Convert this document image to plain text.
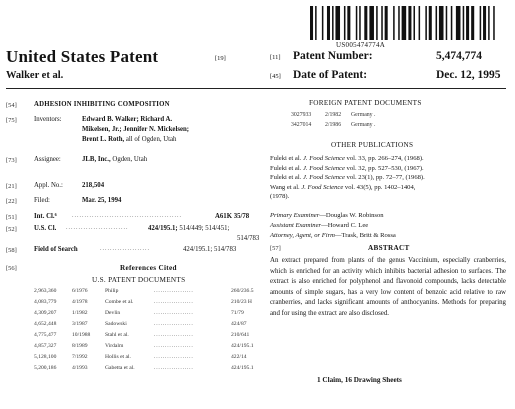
US005474774A
United States Patent	[19]
Walker et al.
[11] Patent Number:	5,474,774
[45] Date of Patent:	Dec. 12, 1995
[54]	ADHESION INHIBITING COMPOSITION
[75]	Inventors:	Edward B. Walker; Richard A.
Mikelsen, Jr.; Jennifer N. Mickelsen;
Brent L. Roth, all of Ogden, Utah
[73]	Assignee:	JLB, Inc., Ogden, Utah
[21]	Appl. No.:	218,504
[22]	Filed:	Mar. 25, 1994
[51]	Int. Cl.⁶	............................................	A61K 35/78
[52]	U.S. Cl. .........................	424/195.1; 514/449; 514/451;
514/783
[58]	Field of Search	....................	424/195.1; 514/783
[56]	References Cited
U.S. PATENT DOCUMENTS
2,963,360	6/1976	Philip	260/236.5
..................
4,083,779	4/1978	Combe et al.	210/23 H
..................
4,309,207	1/1982	Devlin	71/79
..................
4,652,448	3/1987	Sadowski	424/87
..................
4,775,477	10/1988	Stahl et al.	210/641
..................
4,857,327	8/1989	Virdalm	424/195.1
..................
5,128,100	7/1992	Hollis et al.	422/14
..................
5,200,186	4/1993	Gabetta et al.	424/195.1
..................
FOREIGN PATENT DOCUMENTS
3027933 2/1982 Germany .
3427014 2/1986 Germany .
OTHER PUBLICATIONS
Fuleki et al. J. Food Science vol. 33, pp. 266–274, (1968).
Fuleki et al. J. Food Science vol. 32, pp. 527–530, (1967).
Fuleki et al. J. Food Science vol. 23(1), pp. 72–77, (1968).
Wang et al. J. Food Science vol. 43(5), pp. 1402–1404,
(1978).
Primary Examiner—Douglas W. Robinson
Assistant Examiner—Howard C. Lee
Attorney, Agent, or Firm—Trask, Britt & Rossa
[57]	ABSTRACT
An extract prepared from plants of the genus Vaccinium, especially cranberries, which is enriched for an activity which inhibits bacterial adhesion to surfaces. The extract is also enriched for polyphenol and flavonoid compounds, lacks detectable amounts of simple sugars, has a very low content of benzoic acid relative to raw cranberries, and lacks significant amounts of anthocyanins. Methods for preparing and for using the extract are also disclosed.
1 Claim, 16 Drawing Sheets
